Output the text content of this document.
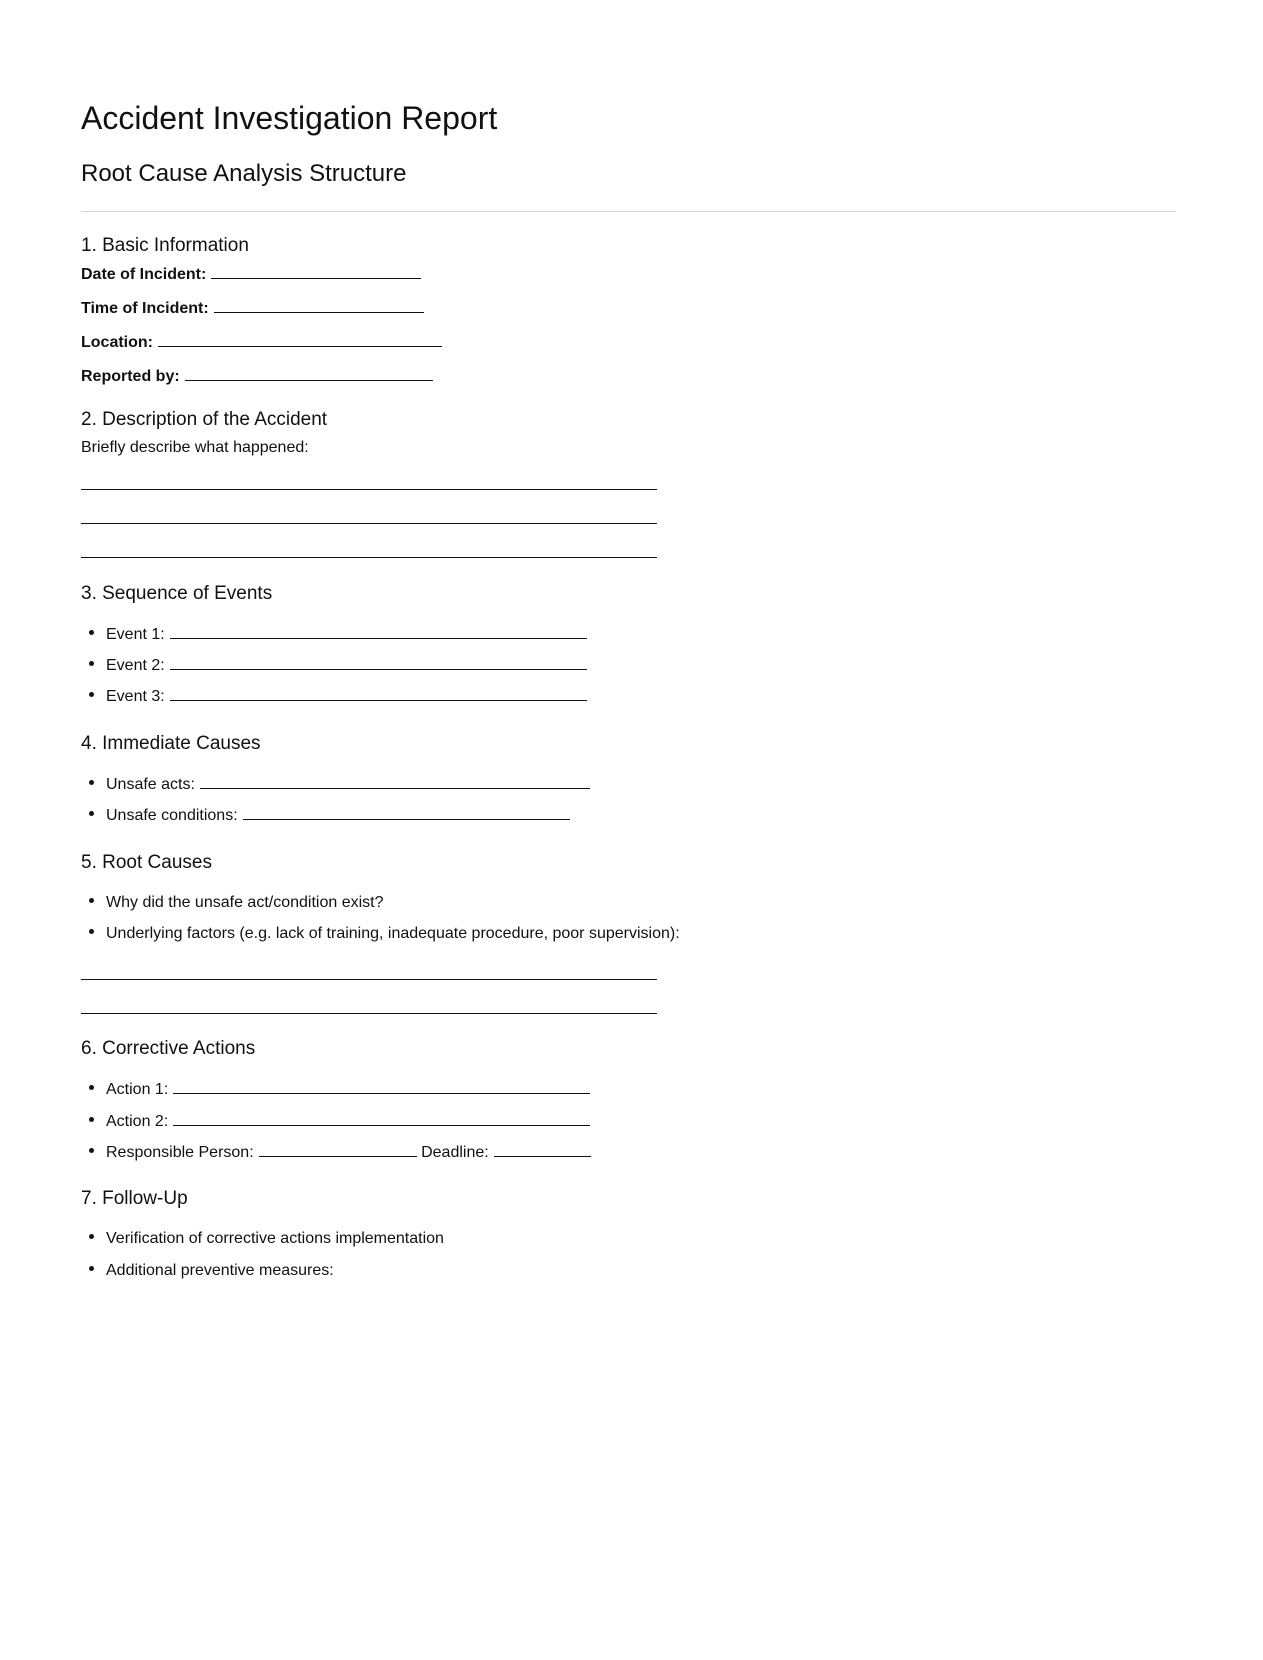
Accident Investigation Report
Root Cause Analysis Structure
1. Basic Information
Date of Incident:
Time of Incident:
Location:
Reported by:
2. Description of the Accident
Briefly describe what happened:
3. Sequence of Events
Event 1:
Event 2:
Event 3:
4. Immediate Causes
Unsafe acts:
Unsafe conditions:
5. Root Causes
Why did the unsafe act/condition exist?
Underlying factors (e.g. lack of training, inadequate procedure, poor supervision):
6. Corrective Actions
Action 1:
Action 2:
Responsible Person:	Deadline:
7. Follow-Up
Verification of corrective actions implementation
Additional preventive measures:
